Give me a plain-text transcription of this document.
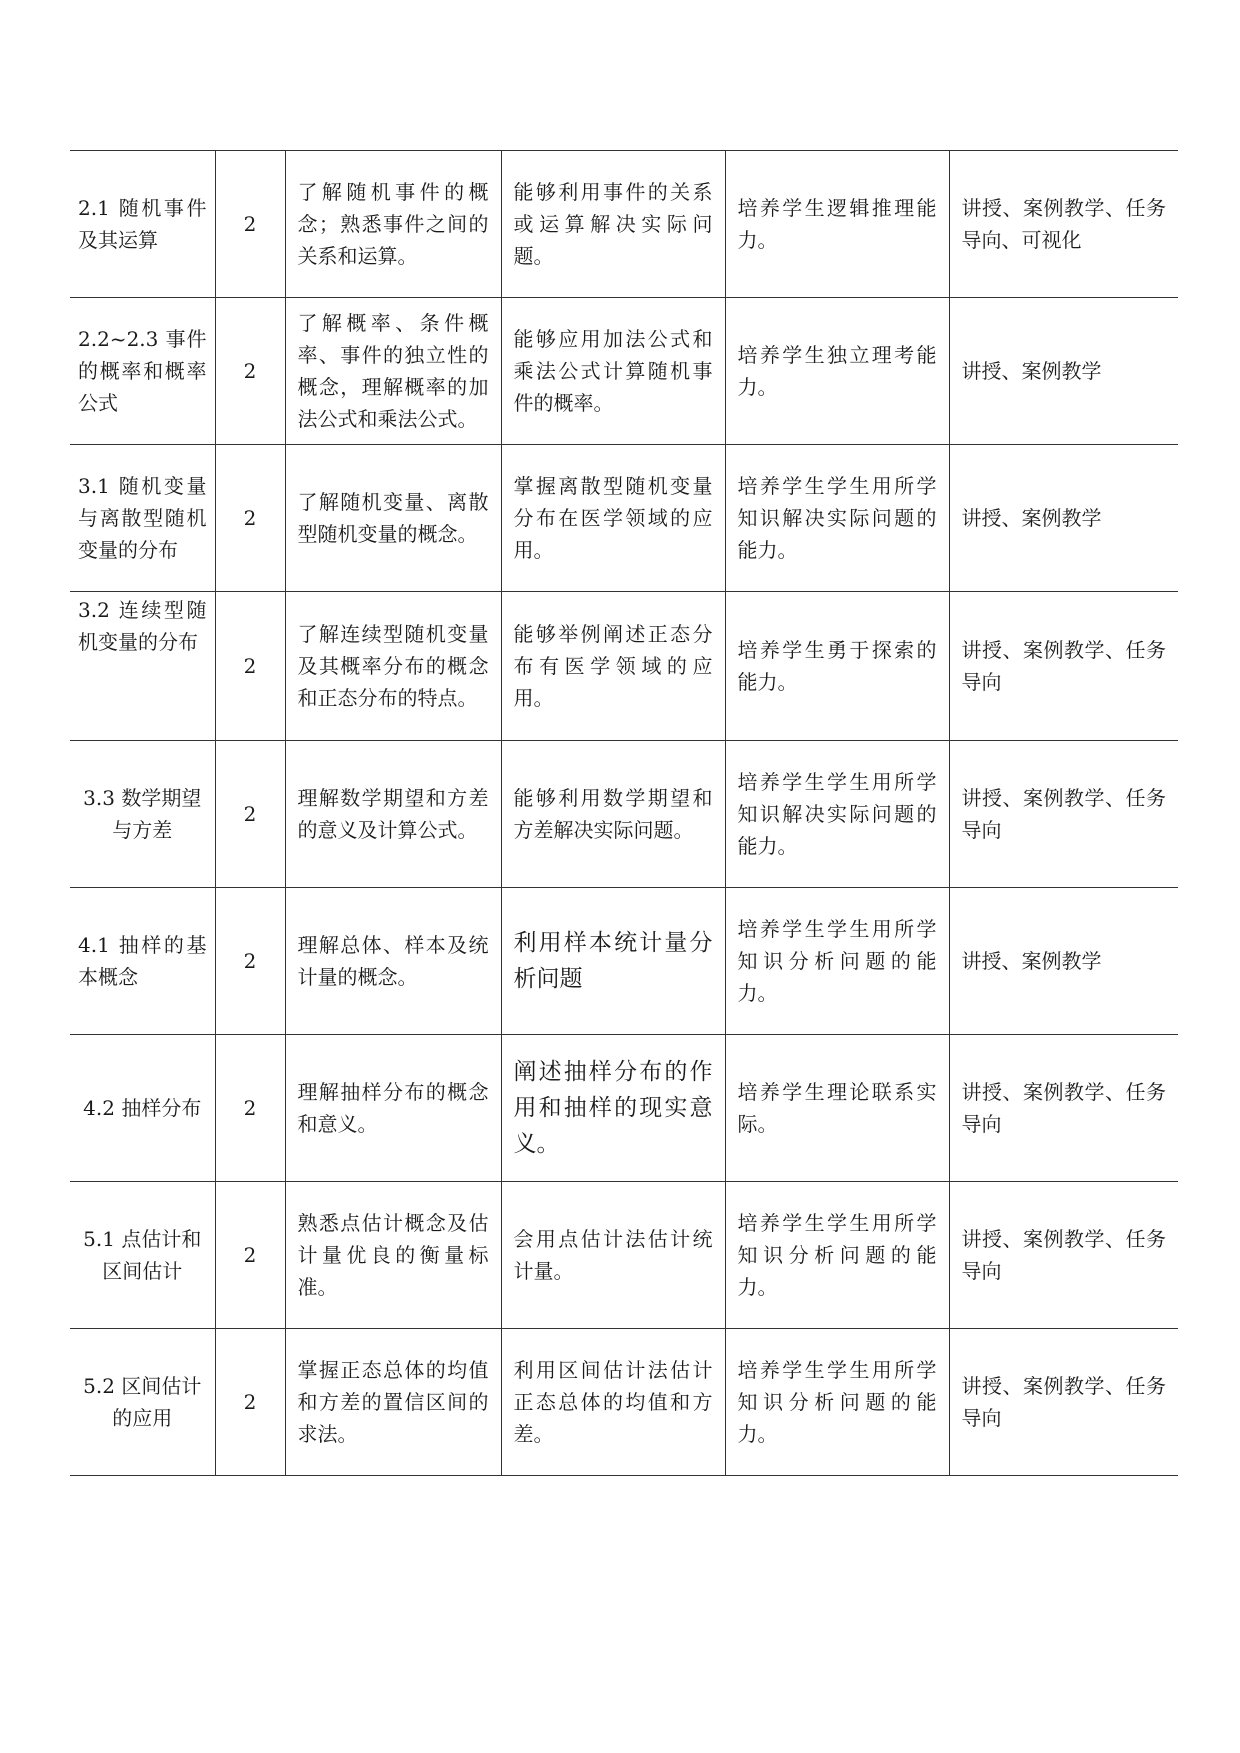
2.1 随机事件及其运算	2	了解随机事件的概念；熟悉事件之间的关系和运算。	能够利用事件的关系或运算解决实际问题。	培养学生逻辑推理能力。	讲授、案例教学、任务导向、可视化

2.2~2.3 事件的概率和概率公式	2	了解概率、条件概率、事件的独立性的概念，理解概率的加法公式和乘法公式。	能够应用加法公式和乘法公式计算随机事件的概率。	培养学生独立理考能力。	讲授、案例教学

3.1 随机变量与离散型随机变量的分布	2	了解随机变量、离散型随机变量的概念。	掌握离散型随机变量分布在医学领域的应用。	培养学生学生用所学知识解决实际问题的能力。	讲授、案例教学

3.2 连续型随机变量的分布	2	了解连续型随机变量及其概率分布的概念和正态分布的特点。	能够举例阐述正态分布有医学领域的应用。	培养学生勇于探索的能力。	讲授、案例教学、任务导向

3.3 数学期望与方差	2	理解数学期望和方差的意义及计算公式。	能够利用数学期望和方差解决实际问题。	培养学生学生用所学知识解决实际问题的能力。	讲授、案例教学、任务导向

4.1 抽样的基本概念	2	理解总体、样本及统计量的概念。	利用样本统计量分析问题	培养学生学生用所学知识分析问题的能力。	讲授、案例教学

4.2 抽样分布	2	理解抽样分布的概念和意义。	阐述抽样分布的作用和抽样的现实意义。	培养学生理论联系实际。	讲授、案例教学、任务导向

5.1 点估计和区间估计	2	熟悉点估计概念及估计量优良的衡量标准。	会用点估计法估计统计量。	培养学生学生用所学知识分析问题的能力。	讲授、案例教学、任务导向

5.2 区间估计的应用	2	掌握正态总体的均值和方差的置信区间的求法。	利用区间估计法估计正态总体的均值和方差。	培养学生学生用所学知识分析问题的能力。	讲授、案例教学、任务导向
